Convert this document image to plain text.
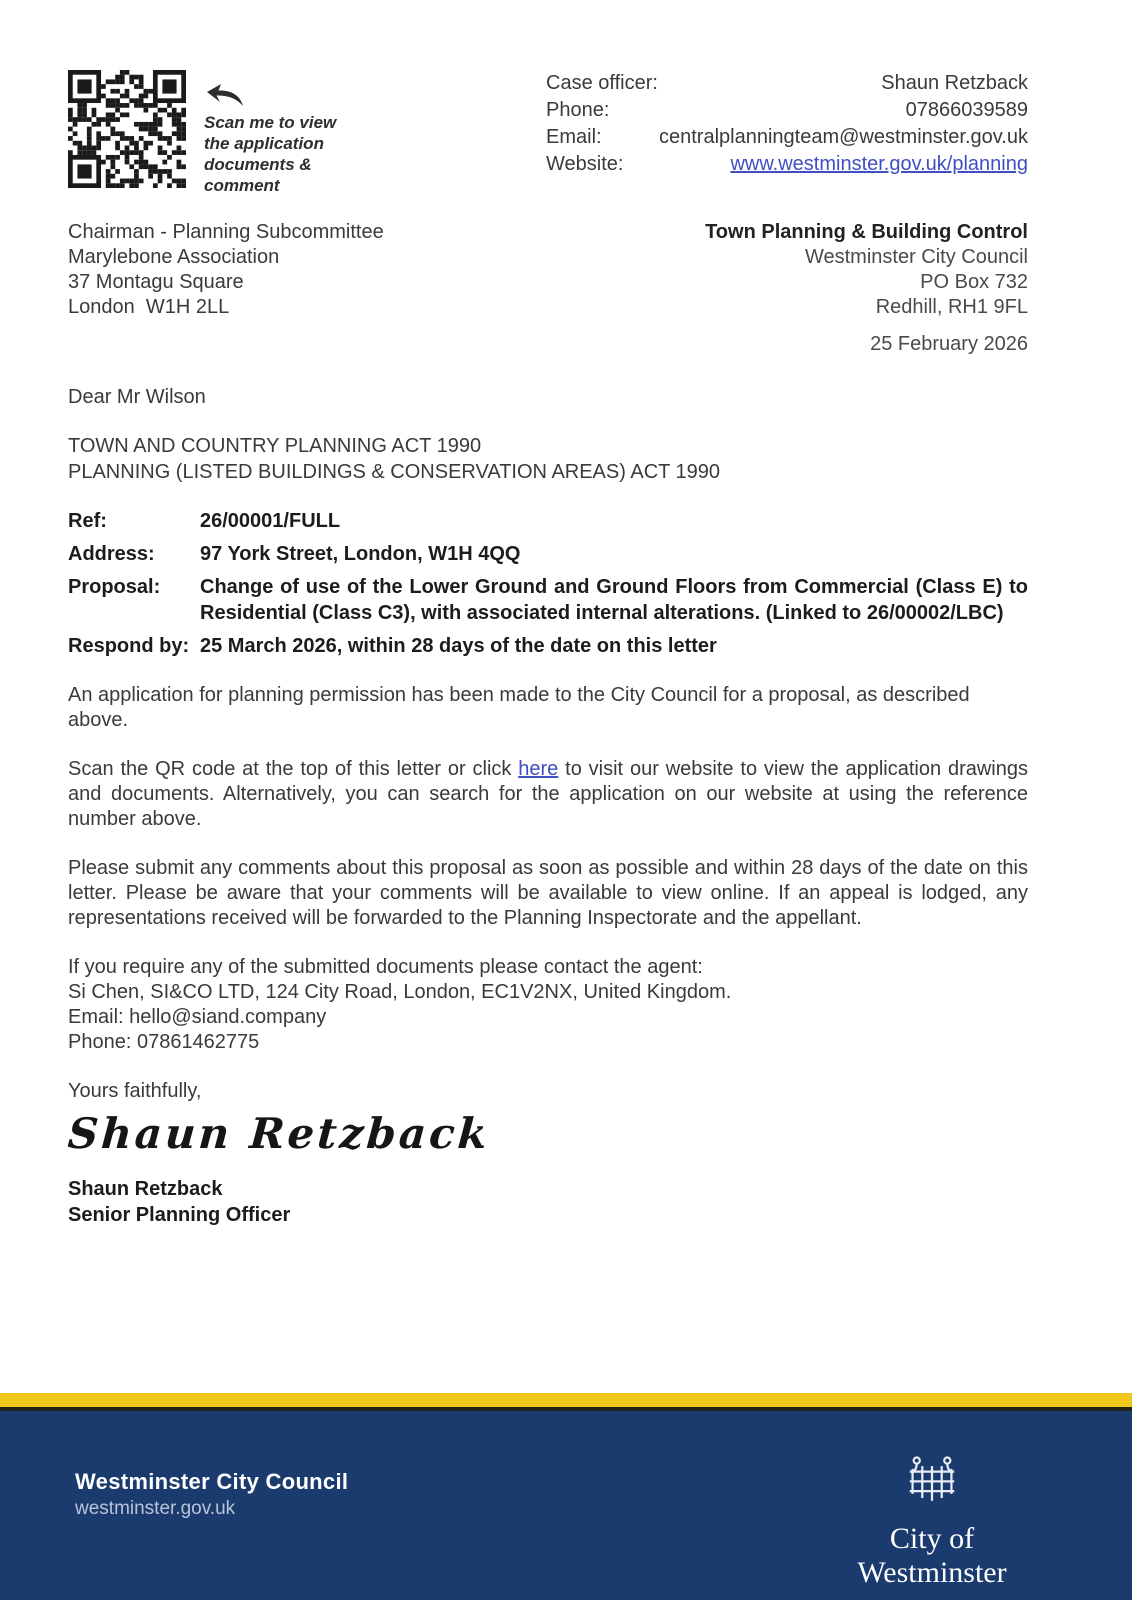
Scan me to view
the application
documents &
comment
Case officer:	Shaun Retzback
Phone:	07866039589
Email:	centralplanningteam@westminster.gov.uk
Website:	www.westminster.gov.uk/planning
Chairman - Planning Subcommittee
Marylebone Association
37 Montagu Square
London  W1H 2LL
Town Planning & Building Control
Westminster City Council
PO Box 732
Redhill, RH1 9FL
25 February 2026
Dear Mr Wilson
TOWN AND COUNTRY PLANNING ACT 1990
PLANNING (LISTED BUILDINGS & CONSERVATION AREAS) ACT 1990
Ref:	26/00001/FULL
Address:	97 York Street, London, W1H 4QQ
Proposal:	Change of use of the Lower Ground and Ground Floors from Commercial (Class E) to Residential (Class C3), with associated internal alterations. (Linked to 26/00002/LBC)
Respond by: 25 March 2026, within 28 days of the date on this letter

An application for planning permission has been made to the City Council for a proposal, as described above.

Scan the QR code at the top of this letter or click here to visit our website to view the application drawings and documents. Alternatively, you can search for the application on our website at using the reference number above.

Please submit any comments about this proposal as soon as possible and within 28 days of the date on this letter. Please be aware that your comments will be available to view online. If an appeal is lodged, any representations received will be forwarded to the Planning Inspectorate and the appellant.

If you require any of the submitted documents please contact the agent:
Si Chen, SI&CO LTD, 124 City Road, London, EC1V2NX, United Kingdom.
Email: hello@siand.company
Phone: 07861462775
Yours faithfully,
Shaun Retzback
Shaun Retzback
Senior Planning Officer
Westminster City Council
westminster.gov.uk
City of Westminster
